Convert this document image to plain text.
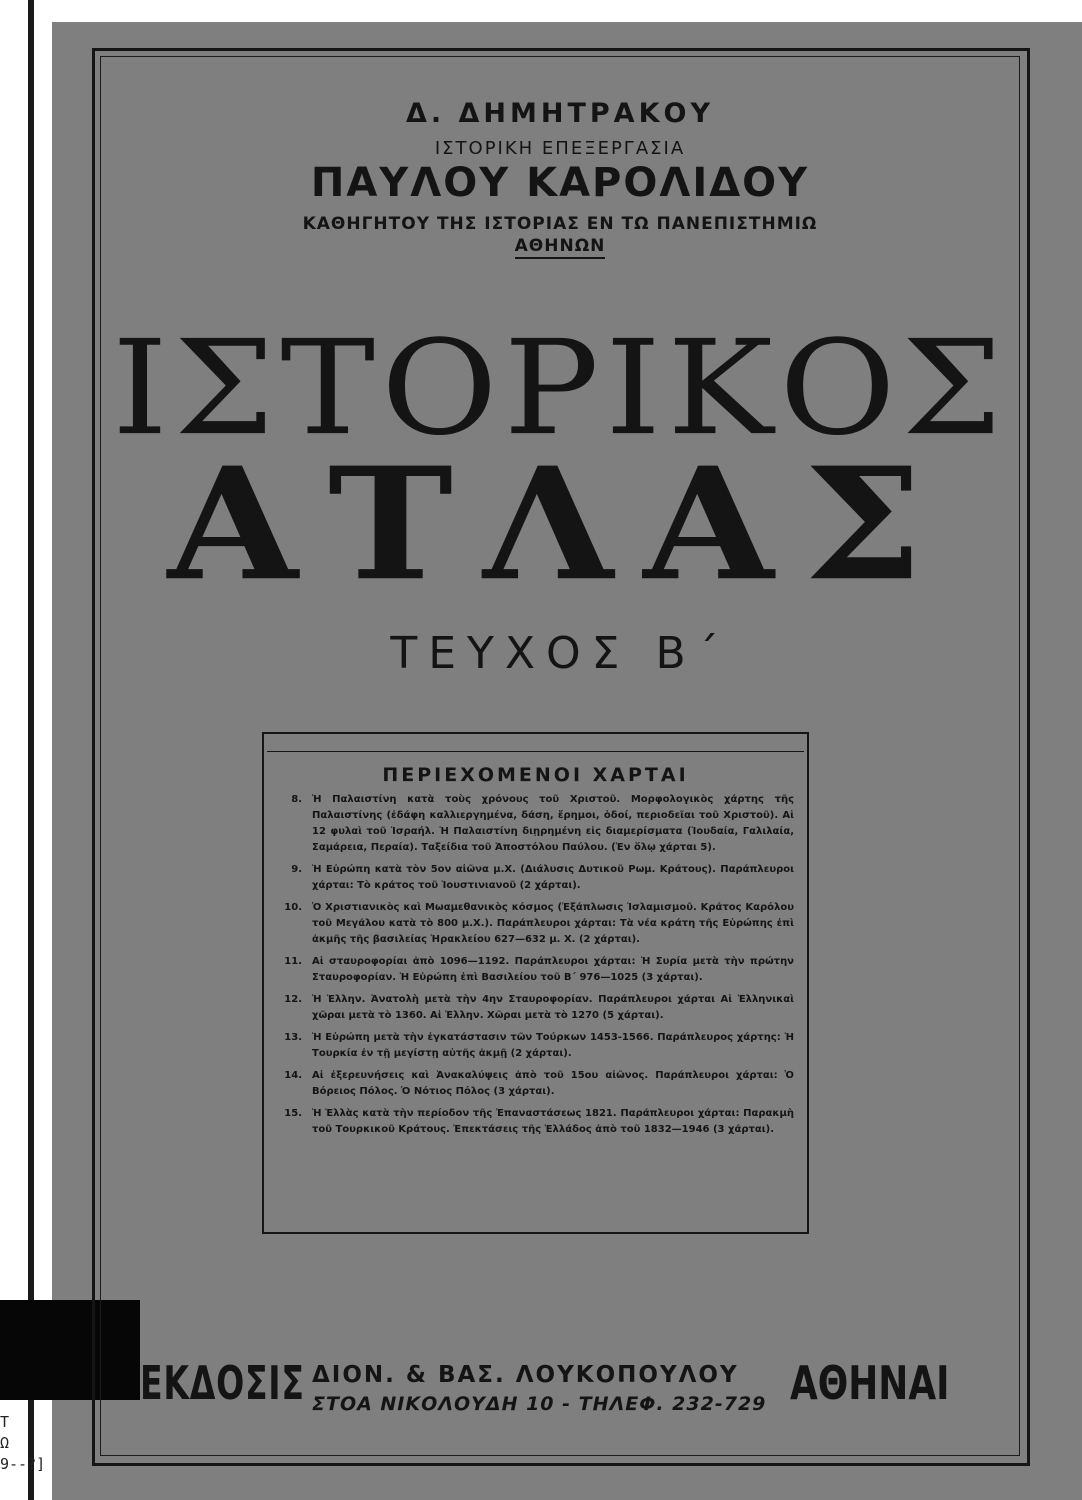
Δ. ΔΗΜΗΤΡΑΚΟΥ
ΙΣΤΟΡΙΚΗ ΕΠΕΞΕΡΓΑΣΙΑ
ΠΑΥΛΟΥ ΚΑΡΟΛΙΔΟΥ
ΚΑΘΗΓΗΤΟΥ ΤΗΣ ΙΣΤΟΡΙΑΣ ΕΝ ΤΩ ΠΑΝΕΠΙΣΤΗΜΙΩ
ΑΘΗΝΩΝ
ΙΣΤΟΡΙΚΟΣ
ΑΤΛΑΣ
ΤΕΥΧΟΣ Β΄
ΠΕΡΙΕΧΟΜΕΝΟΙ ΧΑΡΤΑΙ
8. Ἡ Παλαιστίνη κατὰ τοὺς χρόνους τοῦ Χριστοῦ. Μορφολογικὸς χάρτης τῆς Παλαιστίνης (ἐδάφη καλλιεργημένα, δάση, ἔρημοι, ὁδοί, περιοδεῖαι τοῦ Χριστοῦ). Αἱ 12 φυλαὶ τοῦ Ἰσραήλ. Ἡ Παλαιστίνη διῃρημένη εἰς διαμερίσματα (Ἰουδαία, Γαλιλαία, Σαμάρεια, Περαία). Ταξείδια τοῦ Ἀποστόλου Παύλου. (Ἐν ὅλῳ χάρται 5).
9. Ἡ Εὐρώπη κατὰ τὸν 5ον αἰῶνα μ.Χ. (Διάλυσις Δυτικοῦ Ρωμ. Κράτους). Παράπλευροι χάρται: Τὸ κράτος τοῦ Ἰουστινιανοῦ (2 χάρται).
10. Ὁ Χριστιανικὸς καὶ Μωαμεθανικὸς κόσμος (Ἐξάπλωσις Ἰσλαμισμοῦ. Κράτος Καρόλου τοῦ Μεγάλου κατὰ τὸ 800 μ.Χ.). Παράπλευροι χάρται: Τὰ νέα κράτη τῆς Εὐρώπης ἐπὶ ἀκμῆς τῆς βασιλείας Ἡρακλείου 627—632 μ. Χ. (2 χάρται).
11. Αἱ σταυροφορίαι ἀπὸ 1096—1192. Παράπλευροι χάρται: Ἡ Συρία μετὰ τὴν πρώτην Σταυροφορίαν. Ἡ Εὐρώπη ἐπὶ Βασιλείου τοῦ Β΄ 976—1025 (3 χάρται).
12. Ἡ Ἑλλην. Ἀνατολὴ μετὰ τὴν 4ην Σταυροφορίαν. Παράπλευροι χάρται Αἱ Ἑλληνικαὶ χῶραι μετὰ τὸ 1360. Αἱ Ἑλλην. Χῶραι μετὰ τὸ 1270 (5 χάρται).
13. Ἡ Εὐρώπη μετὰ τὴν ἐγκατάστασιν τῶν Τούρκων 1453-1566. Παράπλευρος χάρτης: Ἡ Τουρκία ἐν τῇ μεγίστῃ αὐτῆς ἀκμῇ (2 χάρται).
14. Αἱ ἐξερευνήσεις καὶ Ἀνακαλύψεις ἀπὸ τοῦ 15ου αἰῶνος. Παράπλευροι χάρται: Ὁ Βόρειος Πόλος. Ὁ Νότιος Πόλος (3 χάρται).
15. Ἡ Ἑλλὰς κατὰ τὴν περίοδον τῆς Ἐπαναστάσεως 1821. Παράπλευροι χάρται: Παρακμὴ τοῦ Τουρκικοῦ Κράτους. Ἐπεκτάσεις τῆς Ἑλλάδος ἀπὸ τοῦ 1832—1946 (3 χάρται).
ΕΚΔΟΣΙΣ ΔΙΟΝ. & ΒΑΣ. ΛΟΥΚΟΠΟΥΛΟΥ
ΣΤΟΑ ΝΙΚΟΛΟΥΔΗ 10 - ΤΗΛΕΦ. 232-729 ΑΘΗΝΑΙ
T
Ω
9--?]
